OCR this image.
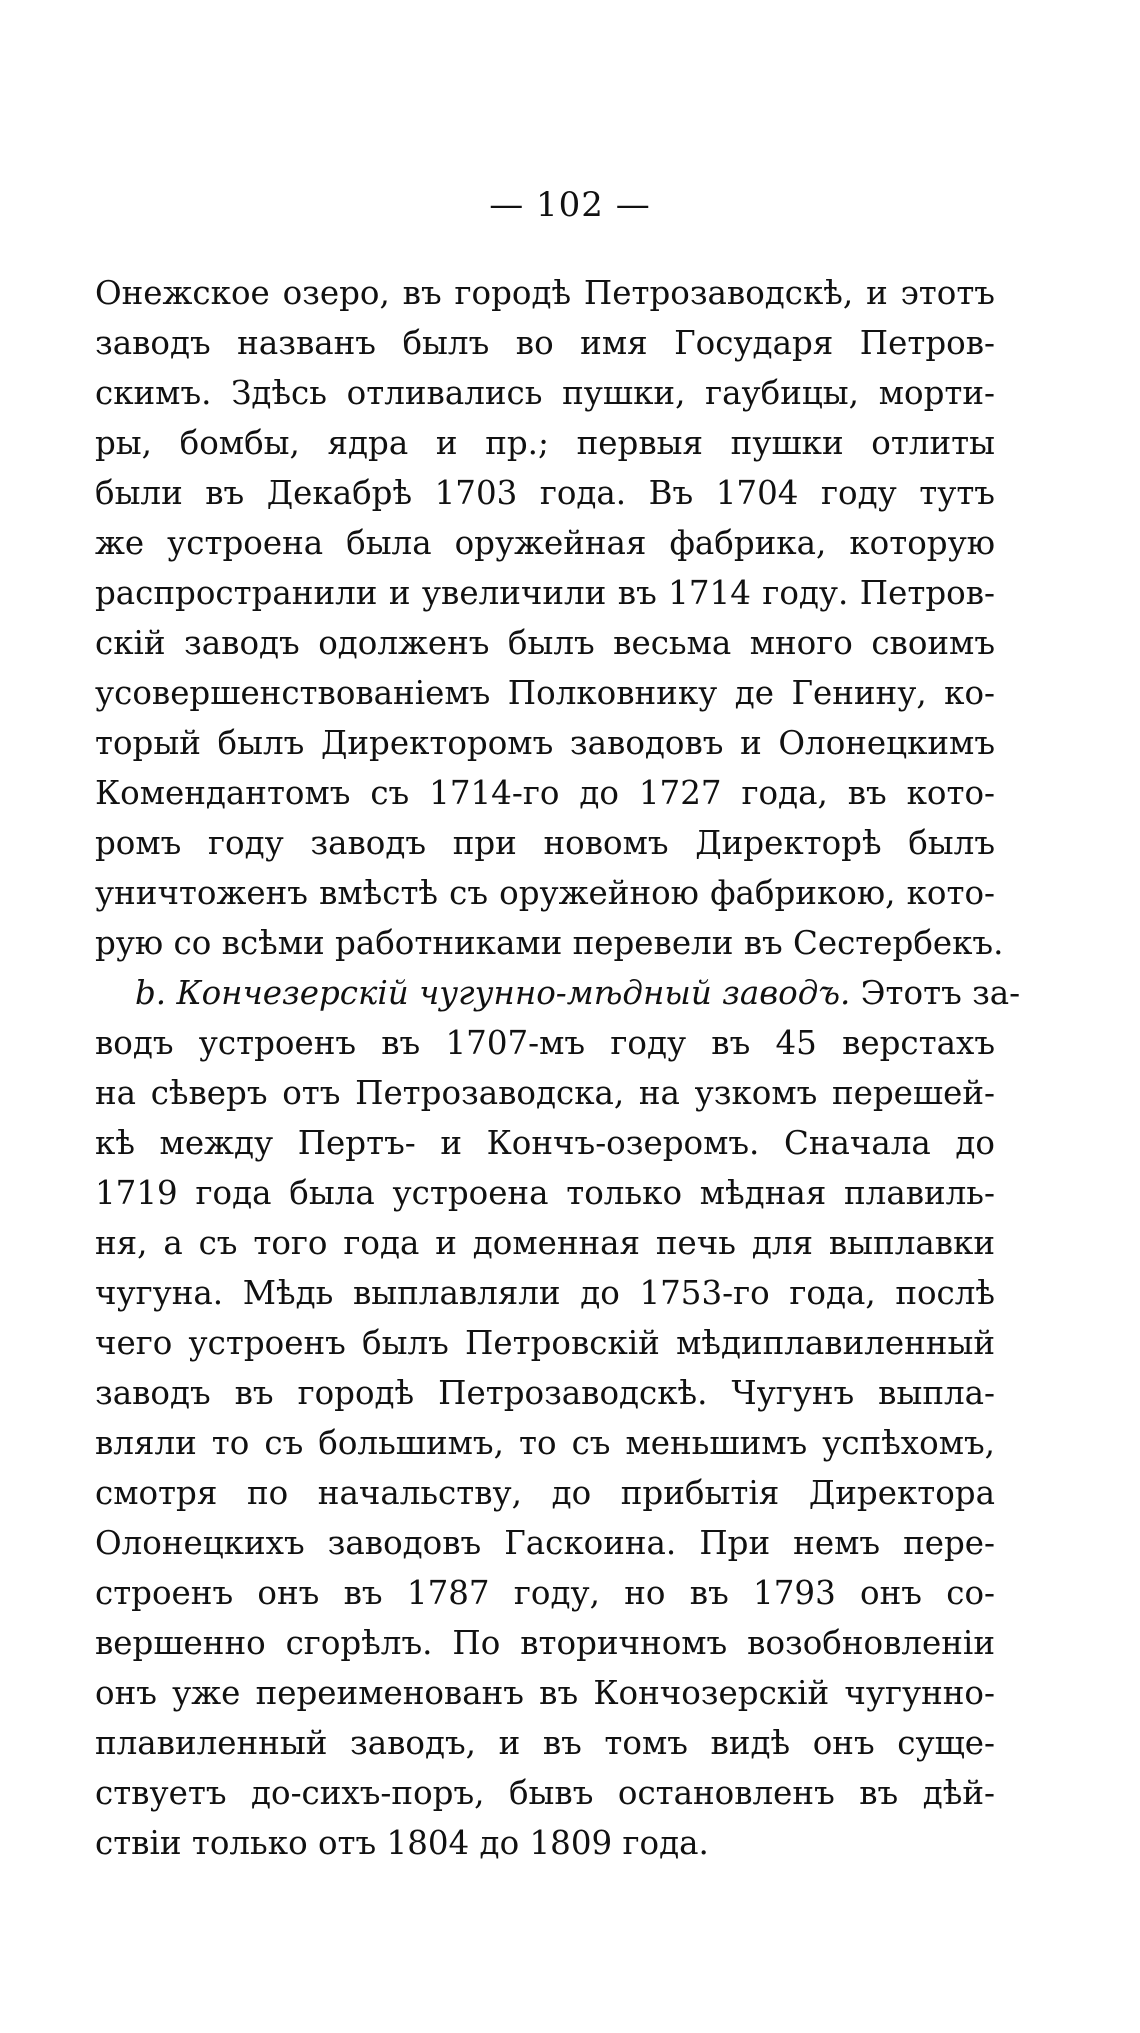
— 102 —
Онежское озеро, въ городѣ Петрозаводскѣ, и этотъ
заводъ названъ былъ во имя Государя Петров-
скимъ. Здѣсь отливались пушки, гаубицы, морти-
ры, бомбы, ядра и пр.; первыя пушки отлиты
были въ Декабрѣ 1703 года. Въ 1704 году тутъ
же устроена была оружейная фабрика, которую
распространили и увеличили въ 1714 году. Петров-
скій заводъ одолженъ былъ весьма много своимъ
усовершенствованіемъ Полковнику де Генину, ко-
торый былъ Директоромъ заводовъ и Олонецкимъ
Комендантомъ съ 1714-го до 1727 года, въ кото-
ромъ году заводъ при новомъ Директорѣ былъ
уничтоженъ вмѣстѣ съ оружейною фабрикою, кото-
рую со всѣми работниками перевели въ Сестербекъ.
b. Кончезерскій чугунно-мѣдный заводъ. Этотъ за-
водъ устроенъ въ 1707-мъ году въ 45 верстахъ
на сѣверъ отъ Петрозаводска, на узкомъ перешей-
кѣ между Пертъ- и Кончъ-озеромъ. Сначала до
1719 года была устроена только мѣдная плавиль-
ня, а съ того года и доменная печь для выплавки
чугуна. Мѣдь выплавляли до 1753-го года, послѣ
чего устроенъ былъ Петровскій мѣдиплавиленный
заводъ въ городѣ Петрозаводскѣ. Чугунъ выпла-
вляли то съ большимъ, то съ меньшимъ успѣхомъ,
смотря по начальству, до прибытія Директора
Олонецкихъ заводовъ Гаскоина. При немъ пере-
строенъ онъ въ 1787 году, но въ 1793 онъ со-
вершенно сгорѣлъ. По вторичномъ возобновленіи
онъ уже переименованъ въ Кончозерскій чугунно-
плавиленный заводъ, и въ томъ видѣ онъ суще-
ствуетъ до-сихъ-поръ, бывъ остановленъ въ дѣй-
ствіи только отъ 1804 до 1809 года.
